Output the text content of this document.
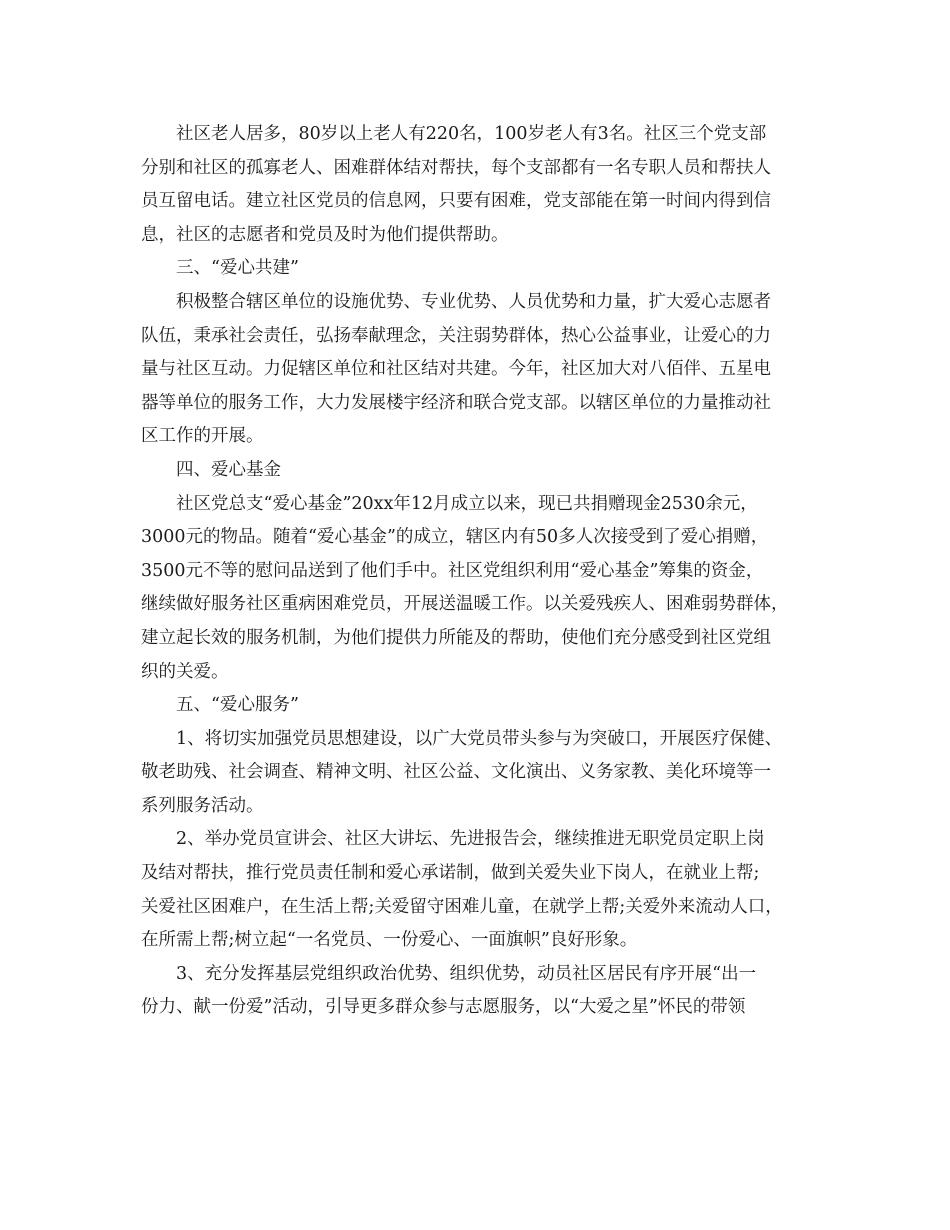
社区老人居多，80岁以上老人有220名，100岁老人有3名。社区三个党支部
分别和社区的孤寡老人、困难群体结对帮扶，每个支部都有一名专职人员和帮扶人
员互留电话。建立社区党员的信息网，只要有困难，党支部能在第一时间内得到信
息，社区的志愿者和党员及时为他们提供帮助。
三、“爱心共建”
积极整合辖区单位的设施优势、专业优势、人员优势和力量，扩大爱心志愿者
队伍，秉承社会责任，弘扬奉献理念，关注弱势群体，热心公益事业，让爱心的力
量与社区互动。力促辖区单位和社区结对共建。今年，社区加大对八佰伴、五星电
器等单位的服务工作，大力发展楼宇经济和联合党支部。以辖区单位的力量推动社
区工作的开展。
四、爱心基金
社区党总支“爱心基金”20xx年12月成立以来，现已共捐赠现金2530余元，
3000元的物品。随着“爱心基金”的成立，辖区内有50多人次接受到了爱心捐赠，
3500元不等的慰问品送到了他们手中。社区党组织利用“爱心基金”筹集的资金，
继续做好服务社区重病困难党员，开展送温暖工作。以关爱残疾人、困难弱势群体，
建立起长效的服务机制，为他们提供力所能及的帮助，使他们充分感受到社区党组
织的关爱。
五、“爱心服务”
1、将切实加强党员思想建设，以广大党员带头参与为突破口，开展医疗保健、
敬老助残、社会调查、精神文明、社区公益、文化演出、义务家教、美化环境等一
系列服务活动。
2、举办党员宣讲会、社区大讲坛、先进报告会，继续推进无职党员定职上岗
及结对帮扶，推行党员责任制和爱心承诺制，做到关爱失业下岗人，在就业上帮;
关爱社区困难户，在生活上帮;关爱留守困难儿童，在就学上帮;关爱外来流动人口，
在所需上帮;树立起“一名党员、一份爱心、一面旗帜”良好形象。
3、充分发挥基层党组织政治优势、组织优势，动员社区居民有序开展“出一
份力、献一份爱”活动，引导更多群众参与志愿服务，以“大爱之星”怀民的带领
